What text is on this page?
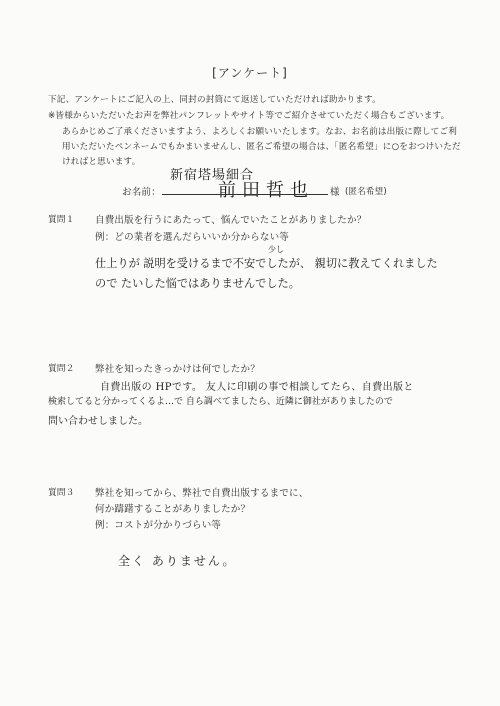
[アンケート]
下記、アンケートにご記入の上、同封の封筒にて返送していただければ助かります。
※皆様からいただいたお声を弊社パンフレットやサイト等でご紹介させていただく場合もございます。
あらかじめご了承くださいますよう、よろしくお願いいたします。なお、お名前は出版に際してご利
用いただいたペンネームでもかまいませんし、匿名ご希望の場合は、「匿名希望」に○をおつけいただ
ければと思います。
新宿塔場細合
お名前：	前田哲也 様 (匿名希望)
質問１ 自費出版を行うにあたって、悩んでいたことがありましたか？
例：どの業者を選んだらいいか分からない等
少し
仕上りが 説明を受けるまで不安でしたが、 親切に教えてくれましたので たいした悩ではありませんでした。
質問２ 弊社を知ったきっかけは何でしたか？
自費出版の HPです。 友人に印刷の事で相談してたら、自費出版と
検索してると分かってくるよ…で 自ら調べてましたら、近隣に御社がありましたので
問い合わせしました。
質問３ 弊社を知ってから、弊社で自費出版するまでに、
何か躊躇することがありましたか？
例：コストが分かりづらい等
全く ありません。
